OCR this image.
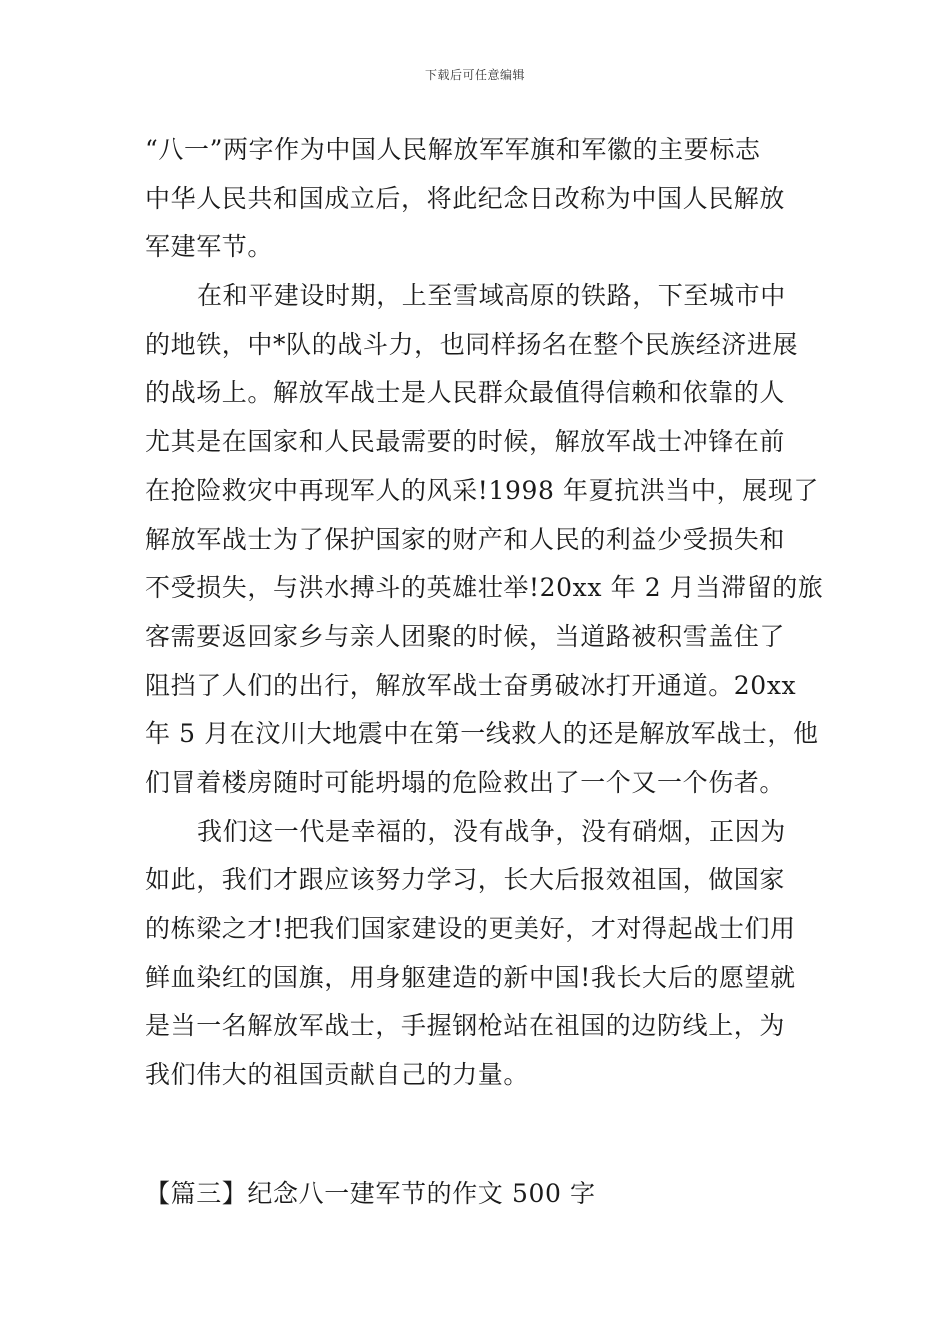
下载后可任意编辑
“八一”两字作为中国人民解放军军旗和军徽的主要标志
中华人民共和国成立后，将此纪念日改称为中国人民解放
军建军节。
在和平建设时期，上至雪域高原的铁路，下至城市中
的地铁，中*队的战斗力，也同样扬名在整个民族经济进展
的战场上。解放军战士是人民群众最值得信赖和依靠的人
尤其是在国家和人民最需要的时候，解放军战士冲锋在前
在抢险救灾中再现军人的风采!1998 年夏抗洪当中，展现了
解放军战士为了保护国家的财产和人民的利益少受损失和
不受损失，与洪水搏斗的英雄壮举!20xx 年 2 月当滞留的旅
客需要返回家乡与亲人团聚的时候，当道路被积雪盖住了
阻挡了人们的出行，解放军战士奋勇破冰打开通道。20xx
年 5 月在汶川大地震中在第一线救人的还是解放军战士，他
们冒着楼房随时可能坍塌的危险救出了一个又一个伤者。
我们这一代是幸福的，没有战争，没有硝烟，正因为
如此，我们才跟应该努力学习，长大后报效祖国，做国家
的栋梁之才!把我们国家建设的更美好，才对得起战士们用
鲜血染红的国旗，用身躯建造的新中国!我长大后的愿望就
是当一名解放军战士，手握钢枪站在祖国的边防线上，为
我们伟大的祖国贡献自己的力量。
【篇三】纪念八一建军节的作文 500 字
